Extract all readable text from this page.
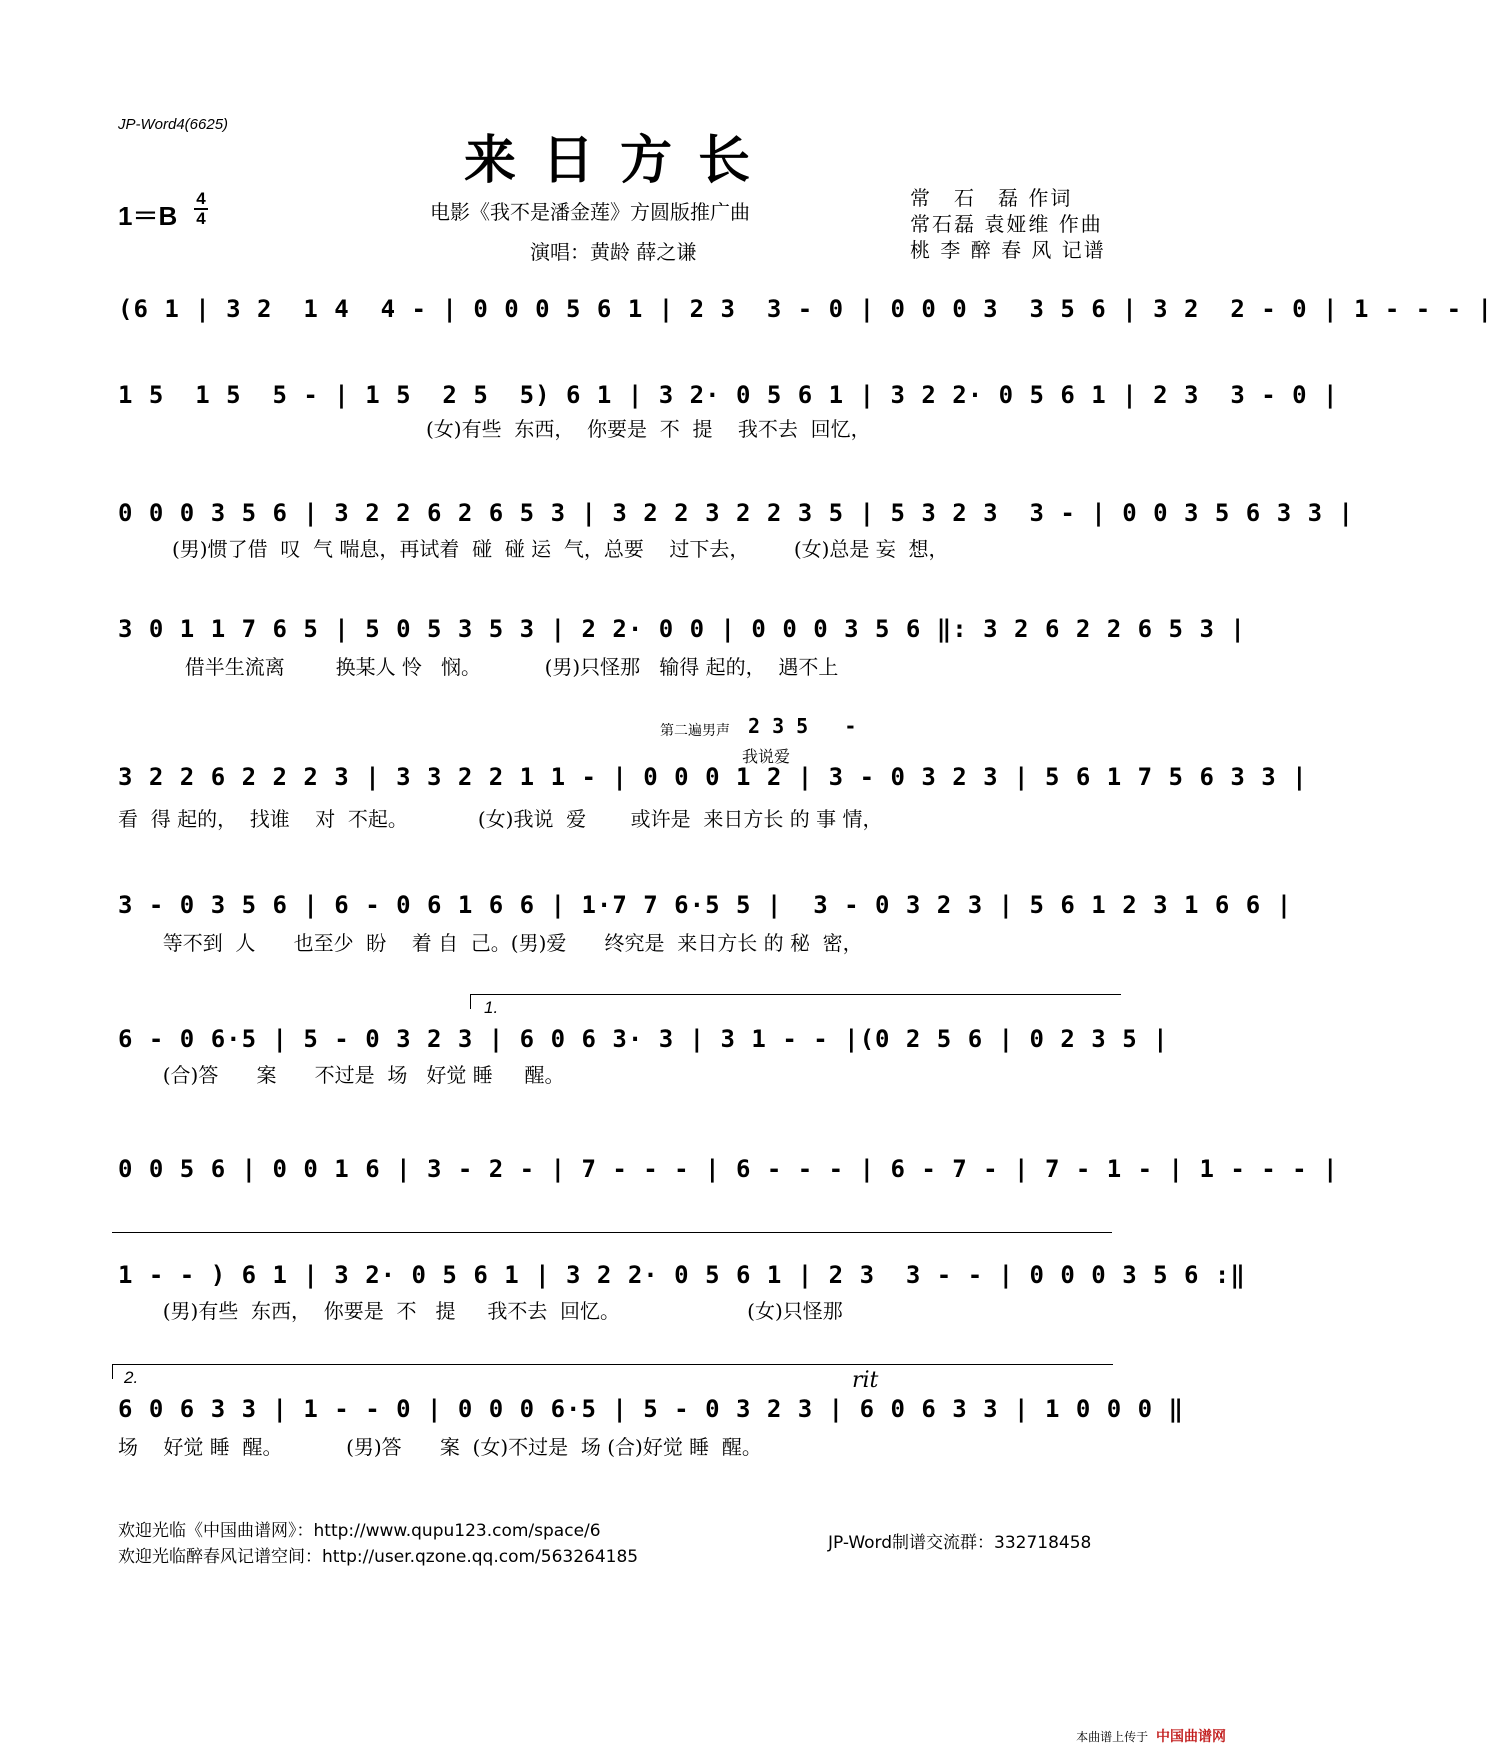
JP-Word4(6625)
来日方长
1＝B
4
4	电影《我不是潘金莲》方圆版推广曲
演唱：黄龄 薛之谦
常　石　磊 作词
常石磊 袁娅维 作曲
桃 李 醉 春 风 记谱
(6 1 | 3 2  1 4  4 - | 0 0 0 5 6 1 | 2 3  3 - 0 | 0 0 0 3  3 5 6 | 3 2  2 - 0 | 1 - - - |
1 5  1 5  5 - | 1 5  2 5  5) 6 1 | 3 2· 0 5 6 1 | 3 2 2· 0 5 6 1 | 2 3  3 - 0 |
(女)有些  东西，  你要是  不  提    我不去  回忆，
0 0 0 3 5 6 | 3 2 2 6 2 6 5 3 | 3 2 2 3 2 2 3 5 | 5 3 2 3  3 - | 0 0 3 5 6 3 3 |
(男)惯了借  叹  气 喘息，再试着  碰  碰 运  气，总要    过下去，       (女)总是 妄  想，
3 0 1 1 7 6 5 | 5 0 5 3 5 3 | 2 2· 0 0 | 0 0 0 3 5 6 ‖: 3 2 6 2 2 6 5 3 |
借半生流离        换某人 怜   悯。          (男)只怪那   输得 起的，  遇不上
第二遍男声 2 3 5   -
我说爱
3 2 2 6 2 2 2 3 | 3 3 2 2 1 1 - | 0 0 0 1 2 | 3 - 0 3 2 3 | 5 6 1 7 5 6 3 3 |
看  得 起的，  找谁    对  不起。           (女)我说  爱       或许是  来日方长 的 事 情，
3 - 0 3 5 6 | 6 - 0 6 1 6 6 | 1·7 7 6·5 5 |  3 - 0 3 2 3 | 5 6 1 2 3 1 6 6 |
等不到  人      也至少  盼    着 自  己。(男)爱      终究是  来日方长 的 秘  密，
1.
6 - 0 6·5 | 5 - 0 3 2 3 | 6 0 6 3· 3 | 3 1 - - |(0 2 5 6 | 0 2 3 5 |
(合)答      案      不过是  场   好觉 睡     醒。
0 0 5 6 | 0 0 1 6 | 3 - 2 - | 7 - - - | 6 - - - | 6 - 7 - | 7 - 1 - | 1 - - - |
1 - - ) 6 1 | 3 2· 0 5 6 1 | 3 2 2· 0 5 6 1 | 2 3  3 - - | 0 0 0 3 5 6 :‖
(男)有些  东西，  你要是  不   提     我不去  回忆。                    (女)只怪那
2.	rit
6 0 6 3 3 | 1 - - 0 | 0 0 0 6·5 | 5 - 0 3 2 3 | 6 0 6 3 3 | 1 0 0 0 ‖
场    好觉 睡  醒。          (男)答      案  (女)不过是  场 (合)好觉 睡  醒。
欢迎光临《中国曲谱网》：http://www.qupu123.com/space/6
欢迎光临醉春风记谱空间：http://user.qzone.qq.com/563264185
JP-Word制谱交流群：332718458
本曲谱上传于 中国曲谱网
